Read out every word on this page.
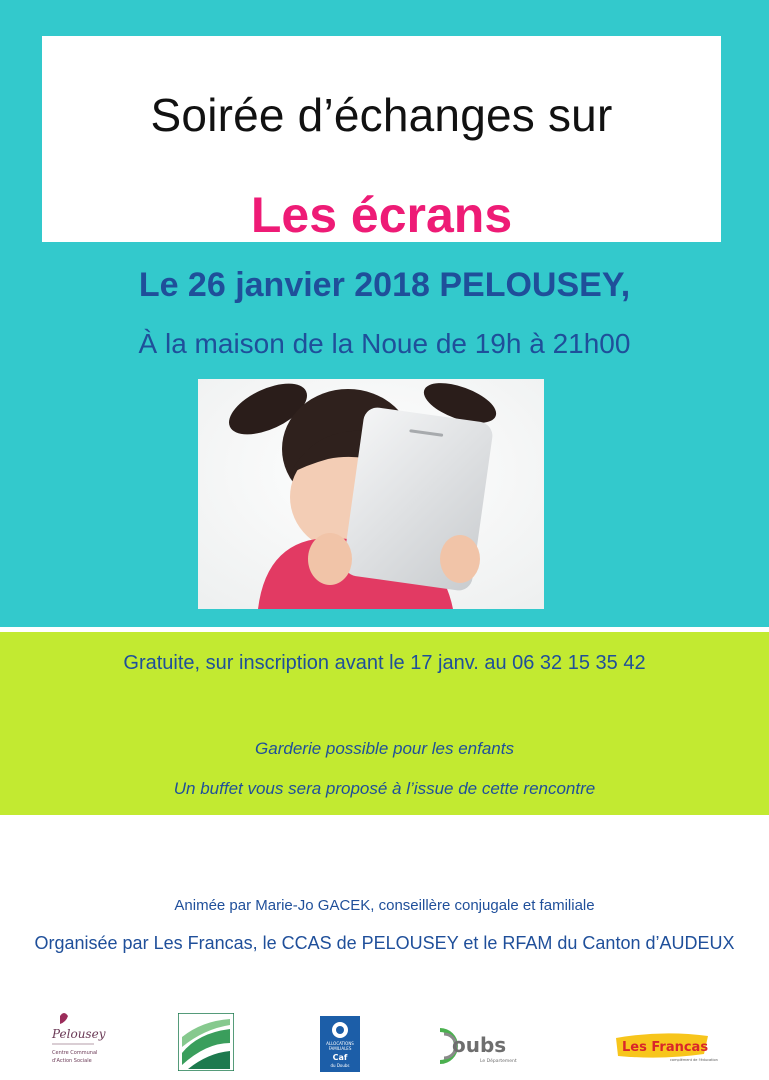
Soirée d’échanges sur
Les écrans
Le 26 janvier 2018 PELOUSEY,
À la maison de la Noue de 19h à 21h00
Gratuite, sur inscription avant le 17 janv. au 06 32 15 35 42
Garderie possible pour les enfants
Un buffet vous sera proposé à l’issue de cette rencontre
Animée par Marie-Jo GACEK, conseillère conjugale et familiale
Organisée par Les Francas, le CCAS de PELOUSEY et le RFAM du Canton d’AUDEUX
Pelousey
Centre Communal
d'Action Sociale
ALLOCATIONS
FAMILIALES
Caf
du Doubs
oubs
Le Département
Les Francas
complément de l'éducation
